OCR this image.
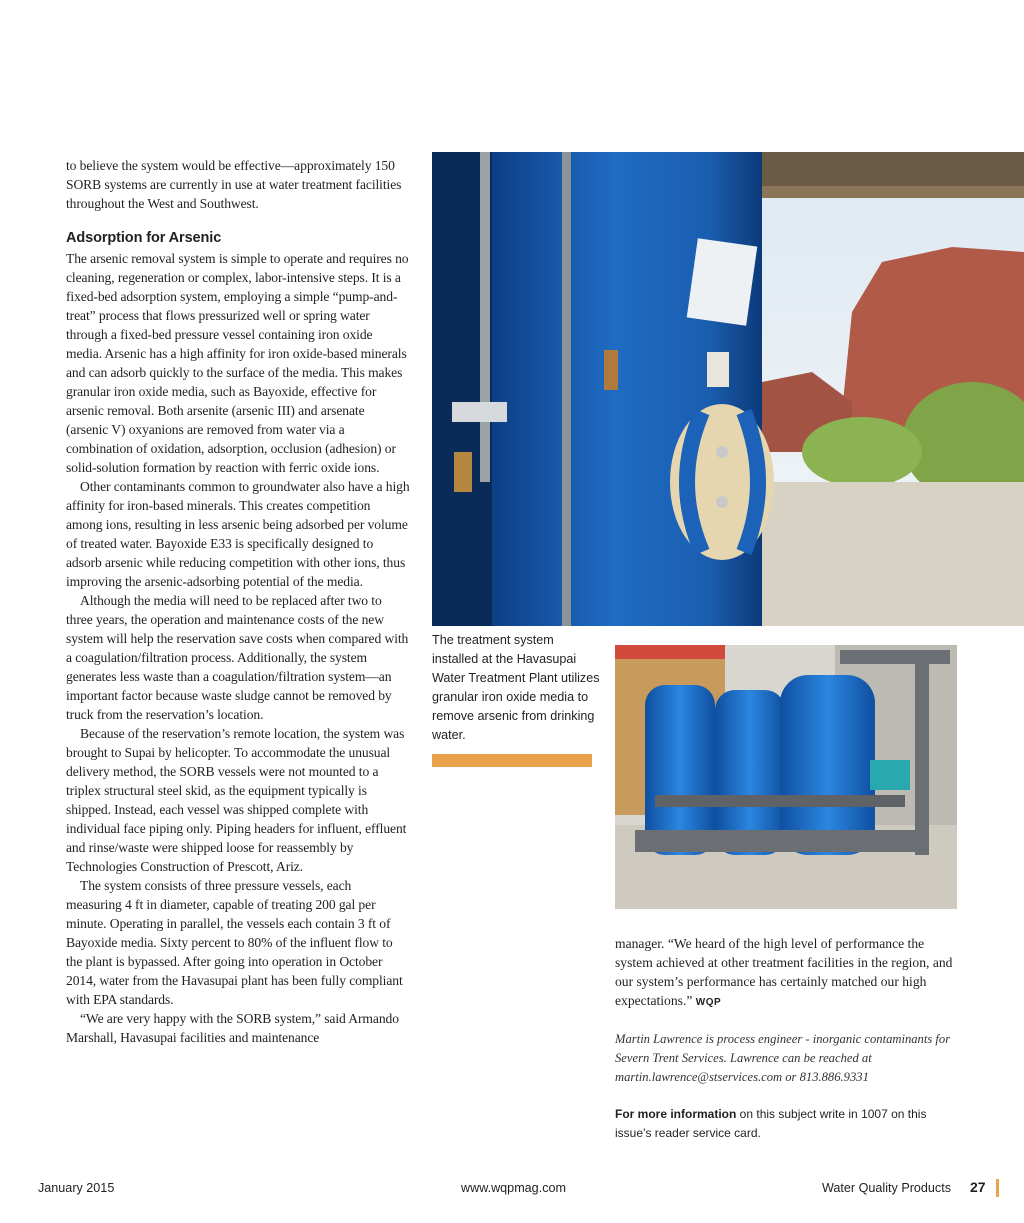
to believe the system would be effective—approximately 150 SORB systems are currently in use at water treatment facilities throughout the West and Southwest.

Adsorption for Arsenic

The arsenic removal system is simple to operate and requires no cleaning, regeneration or complex, labor-intensive steps. It is a fixed-bed adsorption system, employing a simple “pump-and-treat” process that flows pressurized well or spring water through a fixed-bed pressure vessel containing iron oxide media. Arsenic has a high affinity for iron oxide-based minerals and can adsorb quickly to the surface of the media. This makes granular iron oxide media, such as Bayoxide, effective for arsenic removal. Both arsenite (arsenic III) and arsenate (arsenic V) oxyanions are removed from water via a combination of oxidation, adsorption, occlusion (adhesion) or solid-solution formation by reaction with ferric oxide ions.

Other contaminants common to groundwater also have a high affinity for iron-based minerals. This creates competition among ions, resulting in less arsenic being adsorbed per volume of treated water. Bayoxide E33 is specifically designed to adsorb arsenic while reducing competition with other ions, thus improving the arsenic-adsorbing potential of the media.

Although the media will need to be replaced after two to three years, the operation and maintenance costs of the new system will help the reservation save costs when compared with a coagulation/filtration process. Additionally, the system generates less waste than a coagulation/filtration system—an important factor because waste sludge cannot be removed by truck from the reservation’s location.

Because of the reservation’s remote location, the system was brought to Supai by helicopter. To accommodate the unusual delivery method, the SORB vessels were not mounted to a triplex structural steel skid, as the equipment typically is shipped. Instead, each vessel was shipped complete with individual face piping only. Piping headers for influent, effluent and rinse/waste were shipped loose for reassembly by Technologies Construction of Prescott, Ariz.

The system consists of three pressure vessels, each measuring 4 ft in diameter, capable of treating 200 gal per minute. Operating in parallel, the vessels each contain 3 ft of Bayoxide media. Sixty percent to 80% of the influent flow to the plant is bypassed. After going into operation in October 2014, water from the Havasupai plant has been fully compliant with EPA standards.

“We are very happy with the SORB system,” said Armando Marshall, Havasupai facilities and maintenance

The treatment system installed at the Havasupai Water Treatment Plant utilizes granular iron oxide media to remove arsenic from drinking water.

manager. “We heard of the high level of performance the system achieved at other treatment facilities in the region, and our system’s performance has certainly matched our high expectations.” WQP

Martin Lawrence is process engineer - inorganic contaminants for Severn Trent Services. Lawrence can be reached at martin.lawrence@stservices.com or 813.886.9331
For more information on this subject write in 1007 on this issue’s reader service card.
January 2015	www.wqpmag.com	Water Quality Products 27
